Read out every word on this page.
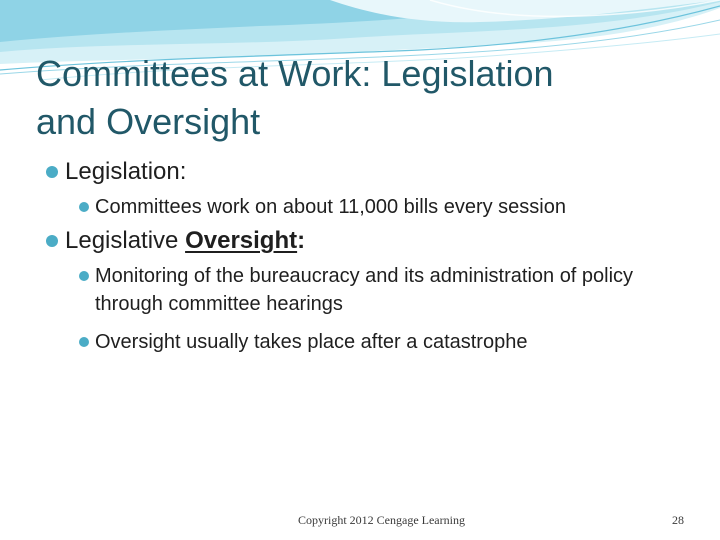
Committees at Work: Legislation
and Oversight
Legislation:
Committees work on about 11,000 bills every session
Legislative Oversight:
Monitoring of the bureaucracy and its administration of policy through committee hearings
Oversight usually takes place after a catastrophe
Copyright 2012 Cengage Learning	28
